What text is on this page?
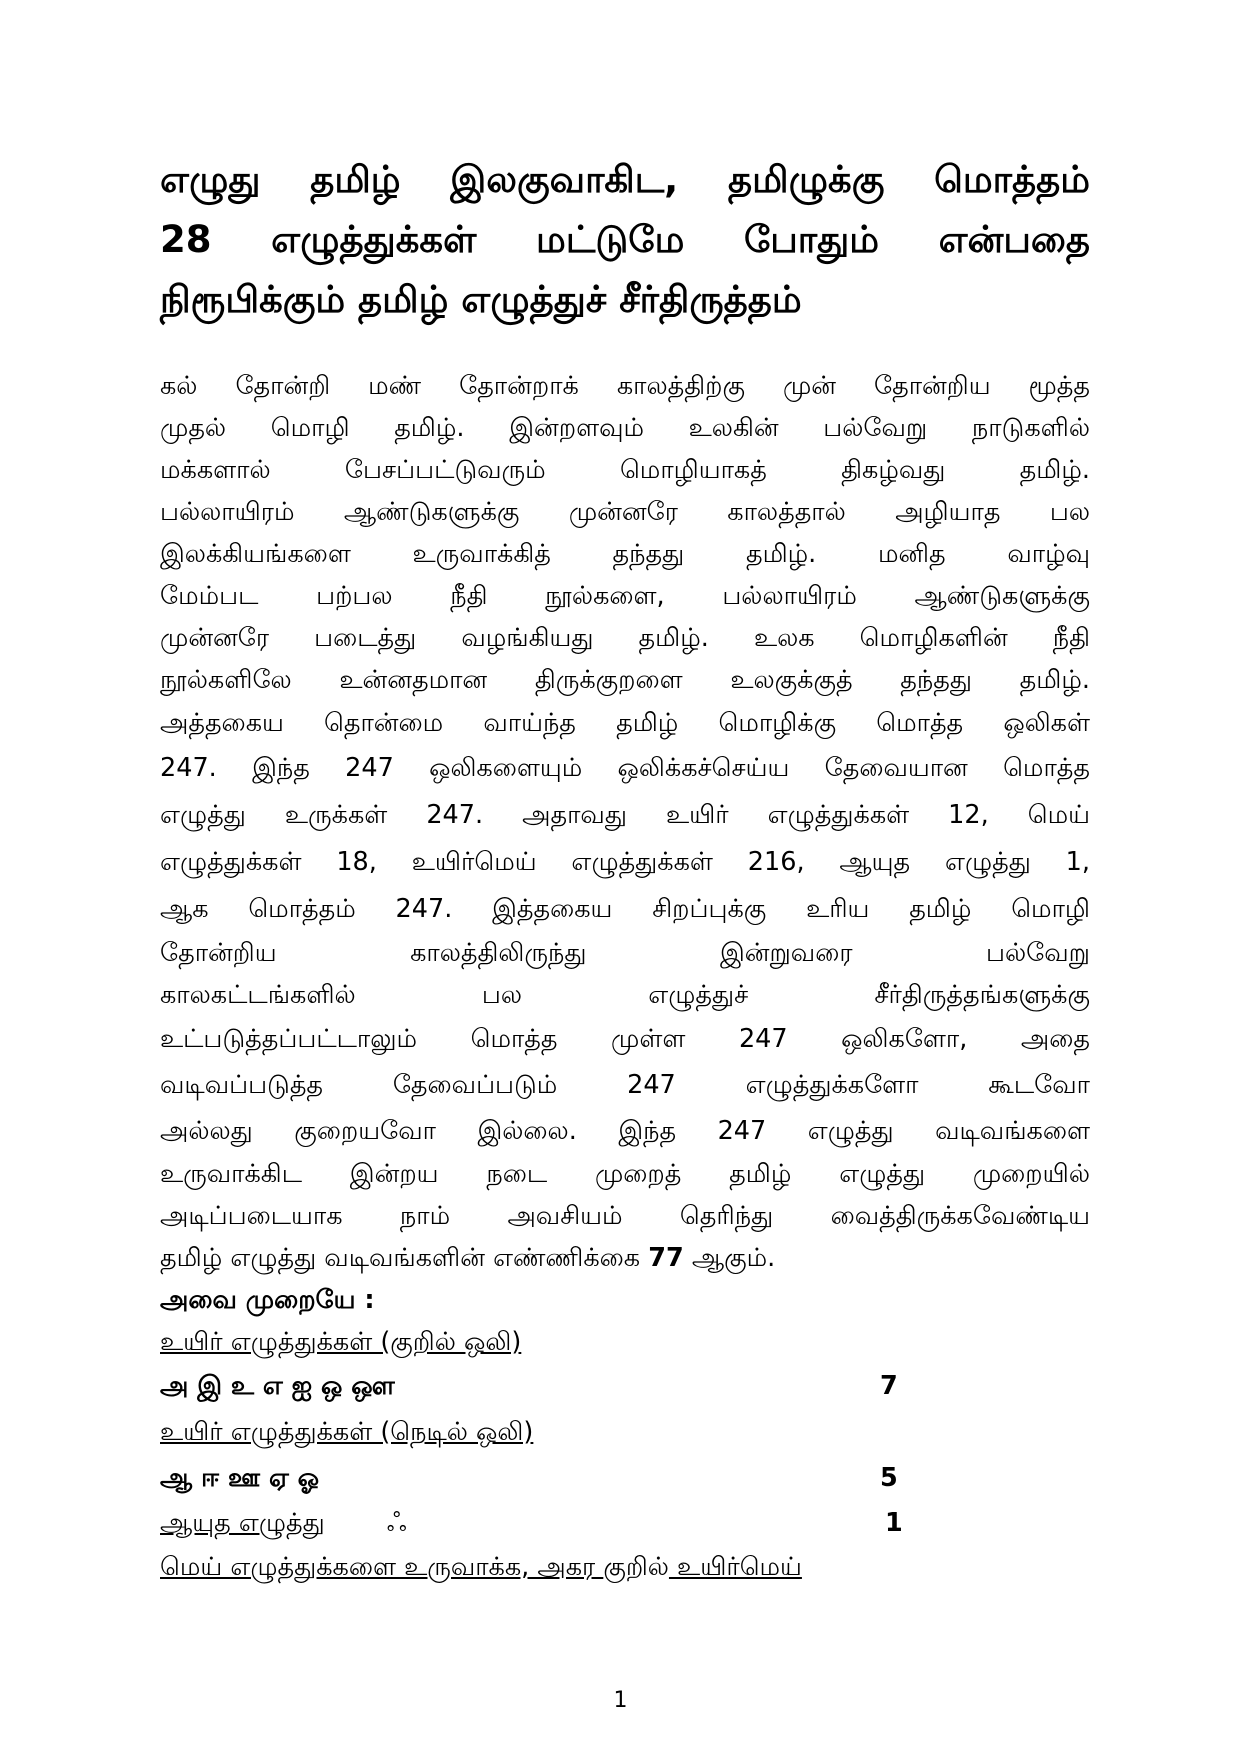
எழுது தமிழ் இலகுவாகிட, தமிழுக்கு மொத்தம்
28 எழுத்துக்கள் மட்டுமே போதும் என்பதை
நிரூபிக்கும் தமிழ் எழுத்துச் சீர்திருத்தம்
கல் தோன்றி மண் தோன்றாக் காலத்திற்கு முன் தோன்றிய மூத்த
முதல் மொழி தமிழ். இன்றளவும் உலகின் பல்வேறு நாடுகளில்
மக்களால் பேசப்பட்டுவரும் மொழியாகத் திகழ்வது தமிழ்.
பல்லாயிரம் ஆண்டுகளுக்கு முன்னரே காலத்தால் அழியாத பல
இலக்கியங்களை உருவாக்கித் தந்தது தமிழ். மனித வாழ்வு
மேம்பட பற்பல நீதி நூல்களை, பல்லாயிரம் ஆண்டுகளுக்கு
முன்னரே படைத்து வழங்கியது தமிழ். உலக மொழிகளின் நீதி
நூல்களிலே உன்னதமான திருக்குறளை உலகுக்குத் தந்தது தமிழ்.
அத்தகைய தொன்மை வாய்ந்த தமிழ் மொழிக்கு மொத்த ஒலிகள்
247. இந்த 247 ஒலிகளையும் ஒலிக்கச்செய்ய தேவையான மொத்த
எழுத்து உருக்கள் 247. அதாவது உயிர் எழுத்துக்கள் 12, மெய்
எழுத்துக்கள் 18, உயிர்மெய் எழுத்துக்கள் 216, ஆயுத எழுத்து 1,
ஆக மொத்தம் 247. இத்தகைய சிறப்புக்கு உரிய தமிழ் மொழி
தோன்றிய காலத்திலிருந்து இன்றுவரை பல்வேறு
காலகட்டங்களில் பல எழுத்துச் சீர்திருத்தங்களுக்கு
உட்படுத்தப்பட்டாலும் மொத்த முள்ள 247 ஒலிகளோ, அதை
வடிவப்படுத்த தேவைப்படும் 247 எழுத்துக்களோ கூடவோ
அல்லது குறையவோ இல்லை. இந்த 247 எழுத்து வடிவங்களை
உருவாக்கிட இன்றய நடை முறைத் தமிழ் எழுத்து முறையில்
அடிப்படையாக நாம் அவசியம் தெரிந்து வைத்திருக்கவேண்டிய
தமிழ் எழுத்து வடிவங்களின் எண்ணிக்கை 77 ஆகும்.
அவை முறையே :
உயிர் எழுத்துக்கள் (குறில் ஒலி)
அ இ உ எ ஐ ஒ ஔ	7
உயிர் எழுத்துக்கள் (நெடில் ஒலி)
ஆ ஈ ஊ ஏ ஓ	5
ஆயுத எழுத்து ஃ	1
மெய் எழுத்துக்களை உருவாக்க, அகர குறில் உயிர்மெய்
1
